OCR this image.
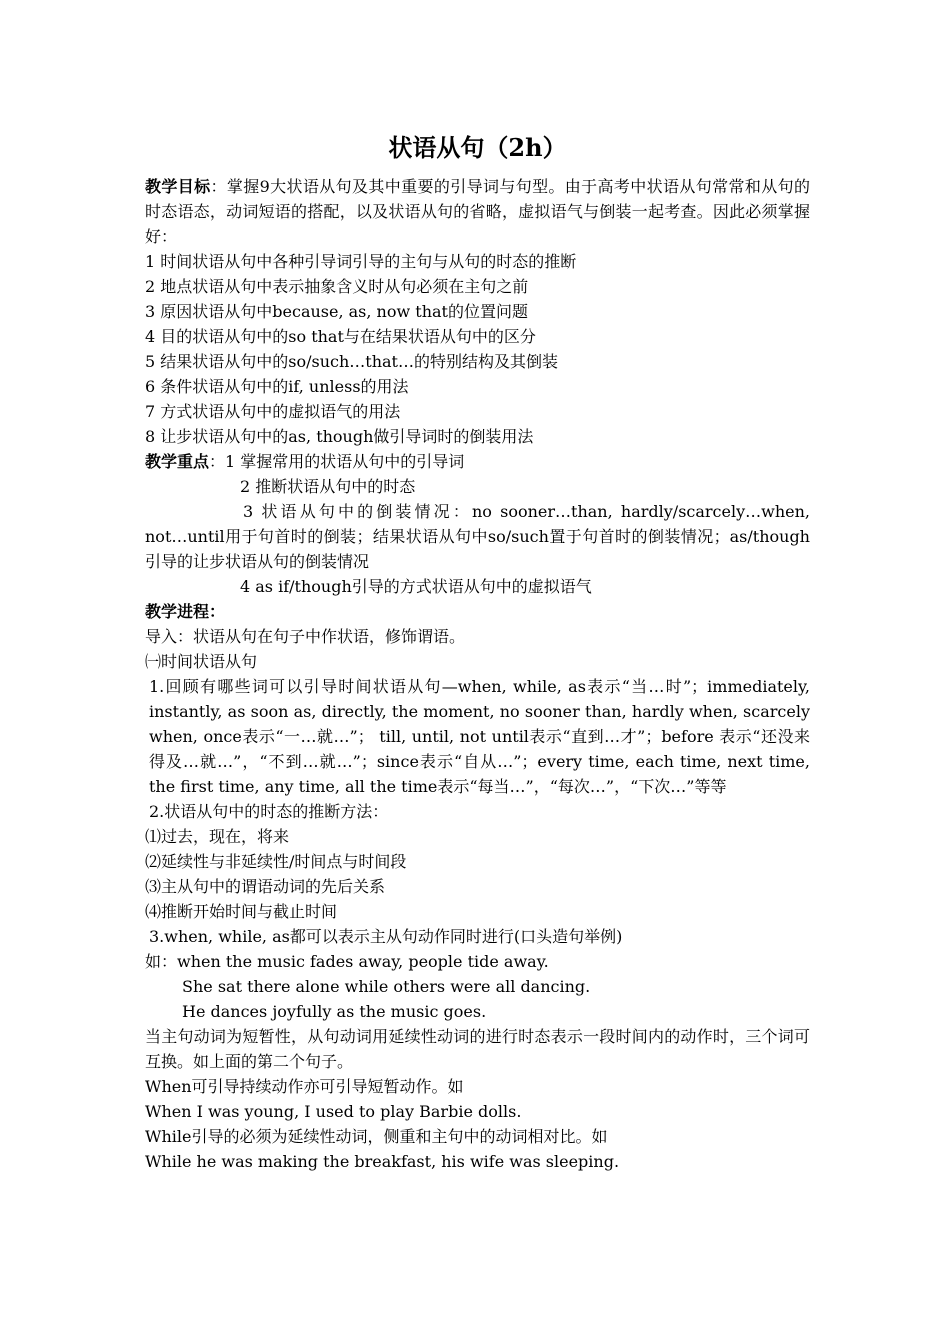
状语从句（2h）
教学目标：掌握9大状语从句及其中重要的引导词与句型。由于高考中状语从句常常和从句的时态语态，动词短语的搭配，以及状语从句的省略，虚拟语气与倒装一起考查。因此必须掌握好：
1 时间状语从句中各种引导词引导的主句与从句的时态的推断
2 地点状语从句中表示抽象含义时从句必须在主句之前
3 原因状语从句中because, as, now that的位置问题
4 目的状语从句中的so that与在结果状语从句中的区分
5 结果状语从句中的so/such…that…的特别结构及其倒装
6 条件状语从句中的if, unless的用法
7 方式状语从句中的虚拟语气的用法
8 让步状语从句中的as, though做引导词时的倒装用法
教学重点：1 掌握常用的状语从句中的引导词
2 推断状语从句中的时态
3 状语从句中的倒装情况：no sooner…than, hardly/scarcely…when, not…until用于句首时的倒装；结果状语从句中so/such置于句首时的倒装情况；as/though引导的让步状语从句的倒装情况
4 as if/though引导的方式状语从句中的虚拟语气
教学进程：
导入：状语从句在句子中作状语，修饰谓语。
㈠时间状语从句
1.回顾有哪些词可以引导时间状语从句—when, while, as表示“当…时”；immediately, instantly, as soon as, directly, the moment, no sooner than, hardly when, scarcely when, once表示“一…就…”； till, until, not until表示“直到…才”；before 表示“还没来得及…就…”，“不到…就…”；since表示“自从…”；every time, each time, next time, the first time, any time, all the time表示“每当…”，“每次…”，“下次…”等等
2.状语从句中的时态的推断方法：
⑴过去，现在，将来
⑵延续性与非延续性/时间点与时间段
⑶主从句中的谓语动词的先后关系
⑷推断开始时间与截止时间
3.when, while, as都可以表示主从句动作同时进行(口头造句举例)
如：when the music fades away, people tide away.
She sat there alone while others were all dancing.
He dances joyfully as the music goes.
当主句动词为短暂性，从句动词用延续性动词的进行时态表示一段时间内的动作时，三个词可互换。如上面的第二个句子。
When可引导持续动作亦可引导短暂动作。如
When I was young, I used to play Barbie dolls.
While引导的必须为延续性动词，侧重和主句中的动词相对比。如
While he was making the breakfast, his wife was sleeping.
